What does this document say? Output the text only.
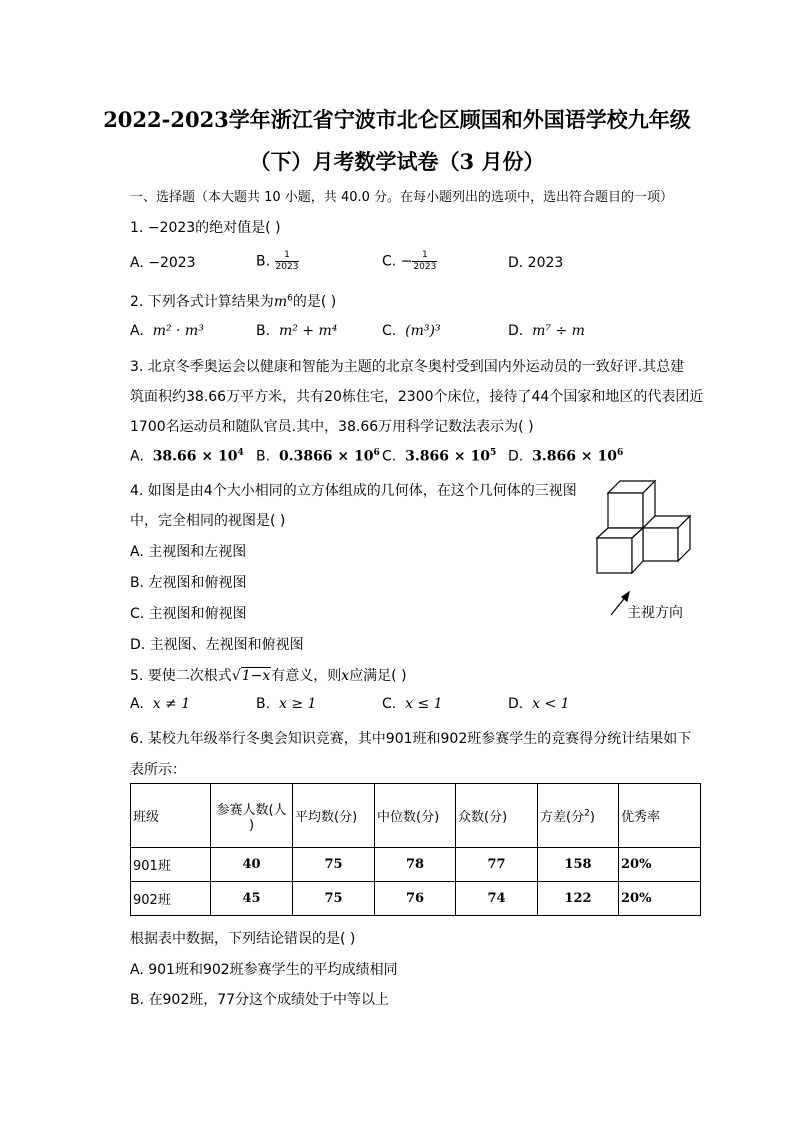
2022-2023学年浙江省宁波市北仑区顾国和外国语学校九年级
（下）月考数学试卷（3 月份）
一、选择题（本大题共 10 小题，共 40.0 分。在每小题列出的选项中，选出符合题目的一项）
1. −2023的绝对值是( )
A. −2023	B. $\frac{1}{2023}$	C. − $\frac{1}{2023}$	D. 2023
2. 下列各式计算结果为$m^6$的是( )
A. m² · m³	B. m² + m⁴	C. (m³)³	D. m⁷ ÷ m
3. 北京冬季奥运会以健康和智能为主题的北京冬奥村受到国内外运动员的一致好评.其总建
筑面积约38.66万平方米，共有20栋住宅，2300个床位，接待了44个国家和地区的代表团近
1700名运动员和随队官员.其中，38.66万用科学记数法表示为( )
A. $38.66 \times 10^4$ B. $0.3866 \times 10^6$ C. $3.866 \times 10^5$ D. $3.866 \times 10^6$
4. 如图是由4个大小相同的立方体组成的几何体，在这个几何体的三视图
中，完全相同的视图是( )
A. 主视图和左视图
B. 左视图和俯视图
C. 主视图和俯视图
D. 主视图、左视图和俯视图
主视方向
5. 要使二次根式√1−x有意义，则x应满足( )
A. x ≠ 1	B. x ≥ 1	C. x ≤ 1	D. x < 1
6. 某校九年级举行冬奥会知识竞赛，其中901班和902班参赛学生的竞赛得分统计结果如下
表所示：
班级	参赛人数(人
)	平均数(分)	中位数(分)	众数(分)	方差(分$^2$)	优秀率
901班	40	75	78	77	158	20%
902班	45	75	76	74	122	20%
根据表中数据，下列结论错误的是( )
A. 901班和902班参赛学生的平均成绩相同
B. 在902班，77分这个成绩处于中等以上
